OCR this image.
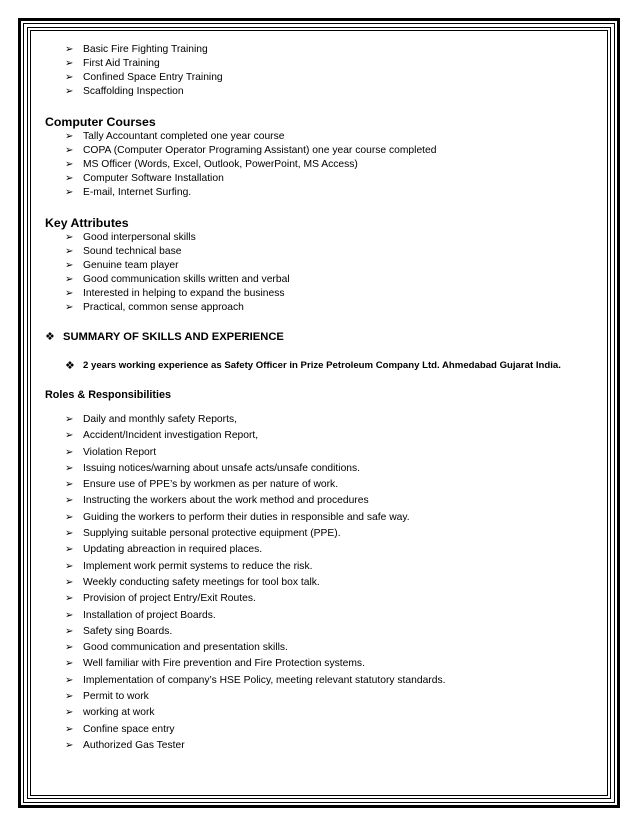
➢ Basic Fire Fighting Training
➢ First Aid Training
➢ Confined Space Entry Training
➢ Scaffolding Inspection
Computer Courses
➢ Tally Accountant completed one year course
➢ COPA (Computer Operator Programing Assistant) one year course completed
➢ MS Officer (Words, Excel, Outlook, PowerPoint, MS Access)
➢ Computer Software Installation
➢ E-mail, Internet Surfing.
Key Attributes
➢ Good interpersonal skills
➢ Sound technical base
➢ Genuine team player
➢ Good communication skills written and verbal
➢ Interested in helping to expand the business
➢ Practical, common sense approach
❖ SUMMARY OF SKILLS AND EXPERIENCE
❖ 2 years working experience as Safety Officer in Prize Petroleum Company Ltd. Ahmedabad Gujarat India.
Roles & Responsibilities
➢ Daily and monthly safety Reports,
➢ Accident/Incident investigation Report,
➢ Violation Report
➢ Issuing notices/warning about unsafe acts/unsafe conditions.
➢ Ensure use of PPE’s by workmen as per nature of work.
➢ Instructing the workers about the work method and procedures
➢ Guiding the workers to perform their duties in responsible and safe way.
➢ Supplying suitable personal protective equipment (PPE).
➢ Updating abreaction in required places.
➢ Implement work permit systems to reduce the risk.
➢ Weekly conducting safety meetings for tool box talk.
➢ Provision of project Entry/Exit Routes.
➢ Installation of project Boards.
➢ Safety sing Boards.
➢ Good communication and presentation skills.
➢ Well familiar with Fire prevention and Fire Protection systems.
➢ Implementation of company’s HSE Policy, meeting relevant statutory standards.
➢ Permit to work
➢ working at work
➢ Confine space entry
➢ Authorized Gas Tester
